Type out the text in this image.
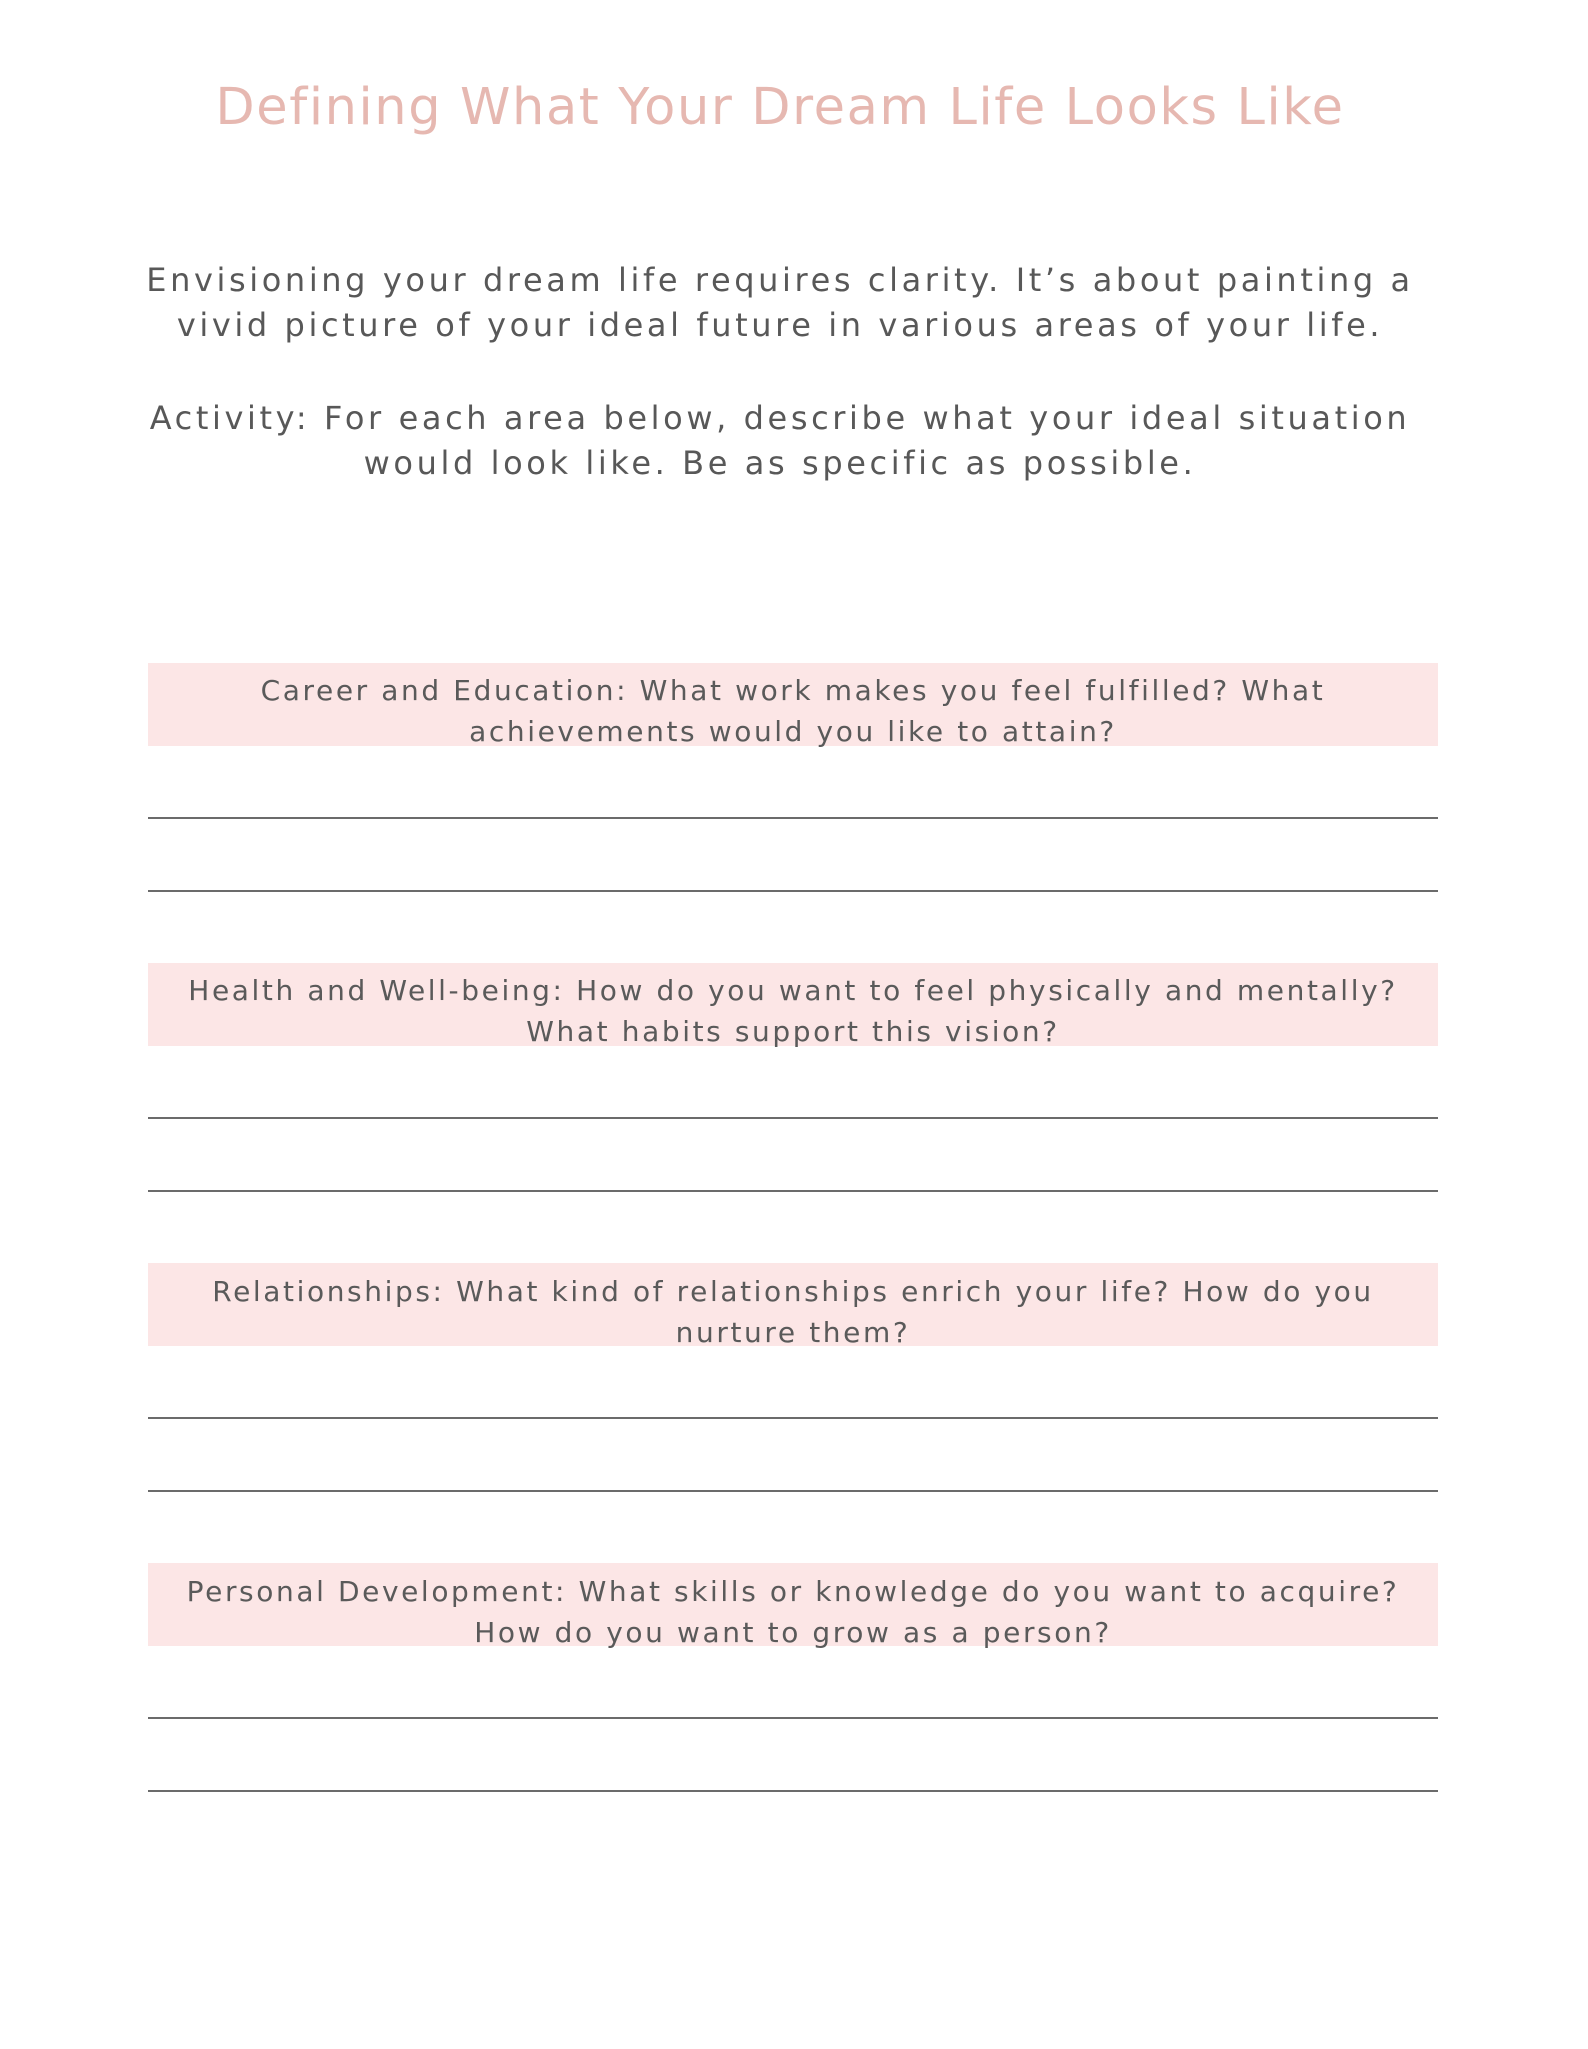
Defining What Your Dream Life Looks Like

Envisioning your dream life requires clarity. It’s about painting a vivid picture of your ideal future in various areas of your life.

Activity: For each area below, describe what your ideal situation would look like. Be as specific as possible.

Career and Education: What work makes you feel fulfilled? What achievements would you like to attain?

Health and Well-being: How do you want to feel physically and mentally? What habits support this vision?

Relationships: What kind of relationships enrich your life? How do you nurture them?

Personal Development: What skills or knowledge do you want to acquire? How do you want to grow as a person?
